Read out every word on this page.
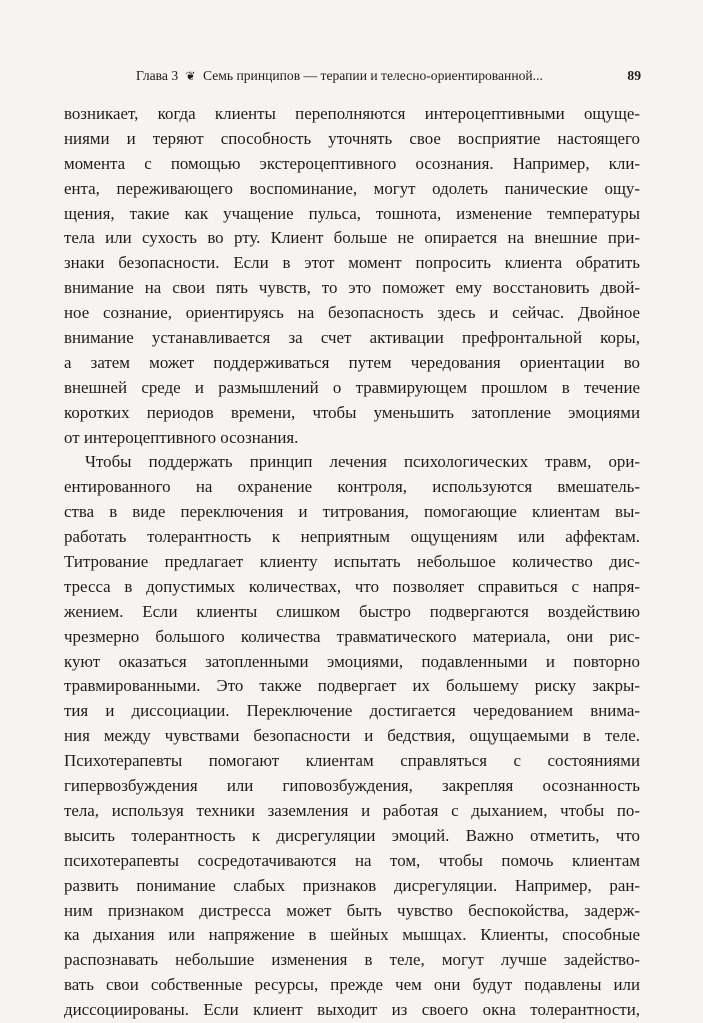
Глава 3 ❦ Семь принципов — терапии и телесно-ориентированной...	89
возникает, когда клиенты переполняются интероцептивными ощуще-
ниями и теряют способность уточнять свое восприятие настоящего
момента с помощью экстероцептивного осознания. Например, кли-
ента, переживающего воспоминание, могут одолеть панические ощу-
щения, такие как учащение пульса, тошнота, изменение температуры
тела или сухость во рту. Клиент больше не опирается на внешние при-
знаки безопасности. Если в этот момент попросить клиента обратить
внимание на свои пять чувств, то это поможет ему восстановить двой-
ное сознание, ориентируясь на безопасность здесь и сейчас. Двойное
внимание устанавливается за счет активации префронтальной коры,
а затем может поддерживаться путем чередования ориентации во
внешней среде и размышлений о травмирующем прошлом в течение
коротких периодов времени, чтобы уменьшить затопление эмоциями
от интероцептивного осознания.
Чтобы поддержать принцип лечения психологических травм, ори-
ентированного на охранение контроля, используются вмешатель-
ства в виде переключения и титрования, помогающие клиентам вы-
работать толерантность к неприятным ощущениям или аффектам.
Титрование предлагает клиенту испытать небольшое количество дис-
тресса в допустимых количествах, что позволяет справиться с напря-
жением. Если клиенты слишком быстро подвергаются воздействию
чрезмерно большого количества травматического материала, они рис-
куют оказаться затопленными эмоциями, подавленными и повторно
травмированными. Это также подвергает их большему риску закры-
тия и диссоциации. Переключение достигается чередованием внима-
ния между чувствами безопасности и бедствия, ощущаемыми в теле.
Психотерапевты помогают клиентам справляться с состояниями
гипервозбуждения или гиповозбуждения, закрепляя осознанность
тела, используя техники заземления и работая с дыханием, чтобы по-
высить толерантность к дисрегуляции эмоций. Важно отметить, что
психотерапевты сосредотачиваются на том, чтобы помочь клиентам
развить понимание слабых признаков дисрегуляции. Например, ран-
ним признаком дистресса может быть чувство беспокойства, задерж-
ка дыхания или напряжение в шейных мышцах. Клиенты, способные
распознавать небольшие изменения в теле, могут лучше задейство-
вать свои собственные ресурсы, прежде чем они будут подавлены или
диссоциированы. Если клиент выходит из своего окна толерантности,
